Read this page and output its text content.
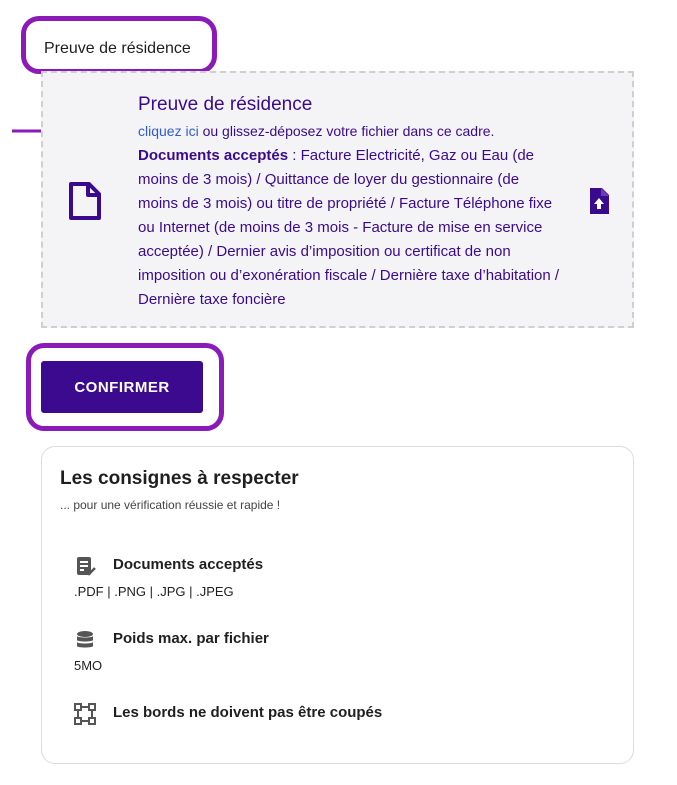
Preuve de résidence
Preuve de résidence
cliquez ici ou glissez-déposez votre fichier dans ce cadre.
Documents acceptés : Facture Electricité, Gaz ou Eau (de moins de 3 mois) / Quittance de loyer du gestionnaire (de moins de 3 mois) ou titre de propriété / Facture Téléphone fixe ou Internet (de moins de 3 mois - Facture de mise en service acceptée) / Dernier avis d’imposition ou certificat de non imposition ou d’exonération fiscale / Dernière taxe d’habitation / Dernière taxe foncière
CONFIRMER
Les consignes à respecter
... pour une vérification réussie et rapide !
Documents acceptés
.PDF | .PNG | .JPG | .JPEG
Poids max. par fichier
5MO
Les bords ne doivent pas être coupés
